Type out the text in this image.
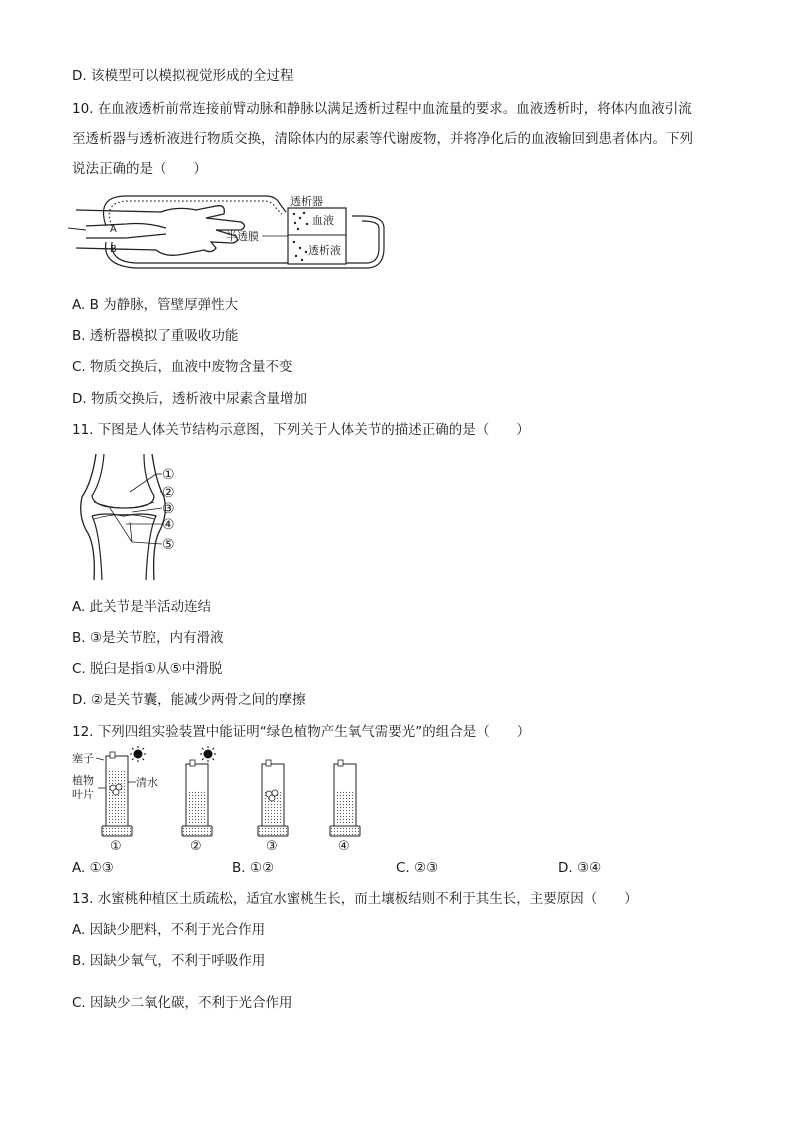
D. 该模型可以模拟视觉形成的全过程
10. 在血液透析前常连接前臂动脉和静脉以满足透析过程中血流量的要求。血液透析时，将体内血液引流
至透析器与透析液进行物质交换，清除体内的尿素等代谢废物，并将净化后的血液输回到患者体内。下列
说法正确的是（　　）
透析器
血液
透析液
半透膜
A
B
A. B 为静脉，管壁厚弹性大
B. 透析器模拟了重吸收功能
C. 物质交换后，血液中废物含量不变
D. 物质交换后，透析液中尿素含量增加
11. 下图是人体关节结构示意图，下列关于人体关节的描述正确的是（　　）
①
②
③
④
⑤
A. 此关节是半活动连结
B. ③是关节腔，内有滑液
C. 脱臼是指①从⑤中滑脱
D. ②是关节囊，能减少两骨之间的摩擦
12. 下列四组实验装置中能证明“绿色植物产生氧气需要光”的组合是（　　）
塞子
植物
叶片
清水
①	②	③	④
A. ①③	B. ①②	C. ②③	D. ③④
13. 水蜜桃种植区土质疏松，适宜水蜜桃生长，而土壤板结则不利于其生长，主要原因（　　）
A. 因缺少肥料，不利于光合作用
B. 因缺少氧气，不利于呼吸作用
C. 因缺少二氧化碳，不利于光合作用
